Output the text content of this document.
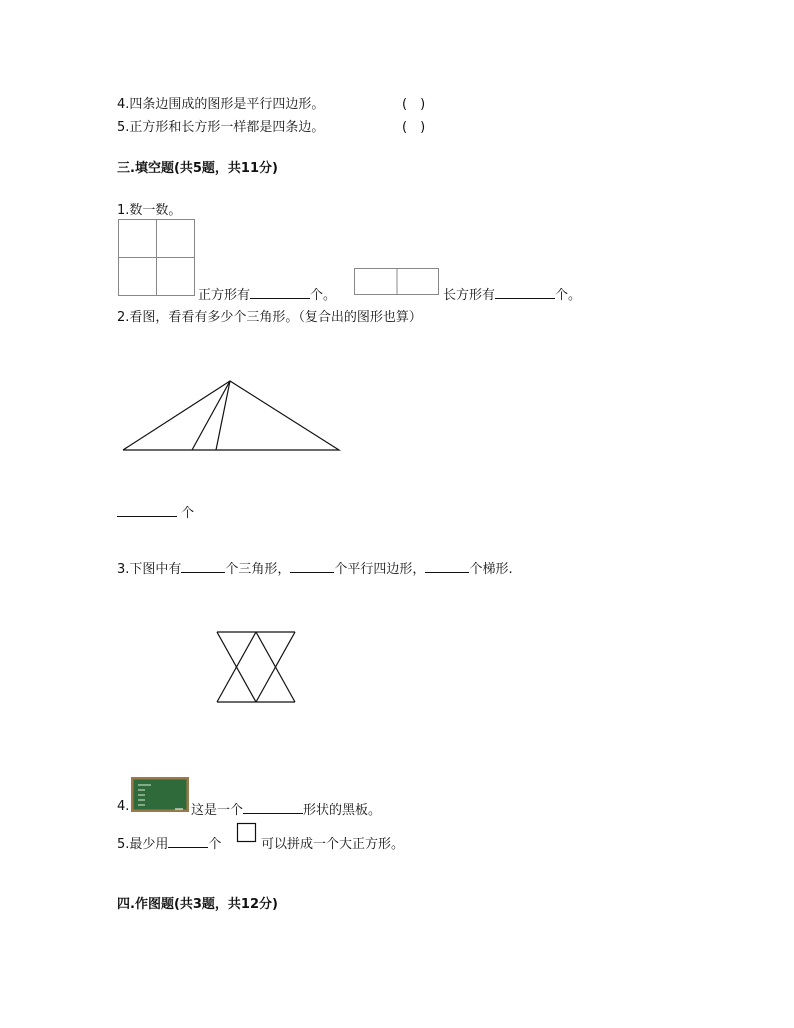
4.四条边围成的图形是平行四边形。	(　)
5.正方形和长方形一样都是四条边。	(　)
三.填空题(共5题，共11分)
1.数一数。
正方形有	个。	长方形有	个。
2.看图，看看有多少个三角形。（复合出的图形也算）
个
3.下图中有	个三角形，	个平行四边形，	个梯形.
4.	这是一个	形状的黑板。
5.最少用	个	可以拼成一个大正方形。
四.作图题(共3题，共12分)
